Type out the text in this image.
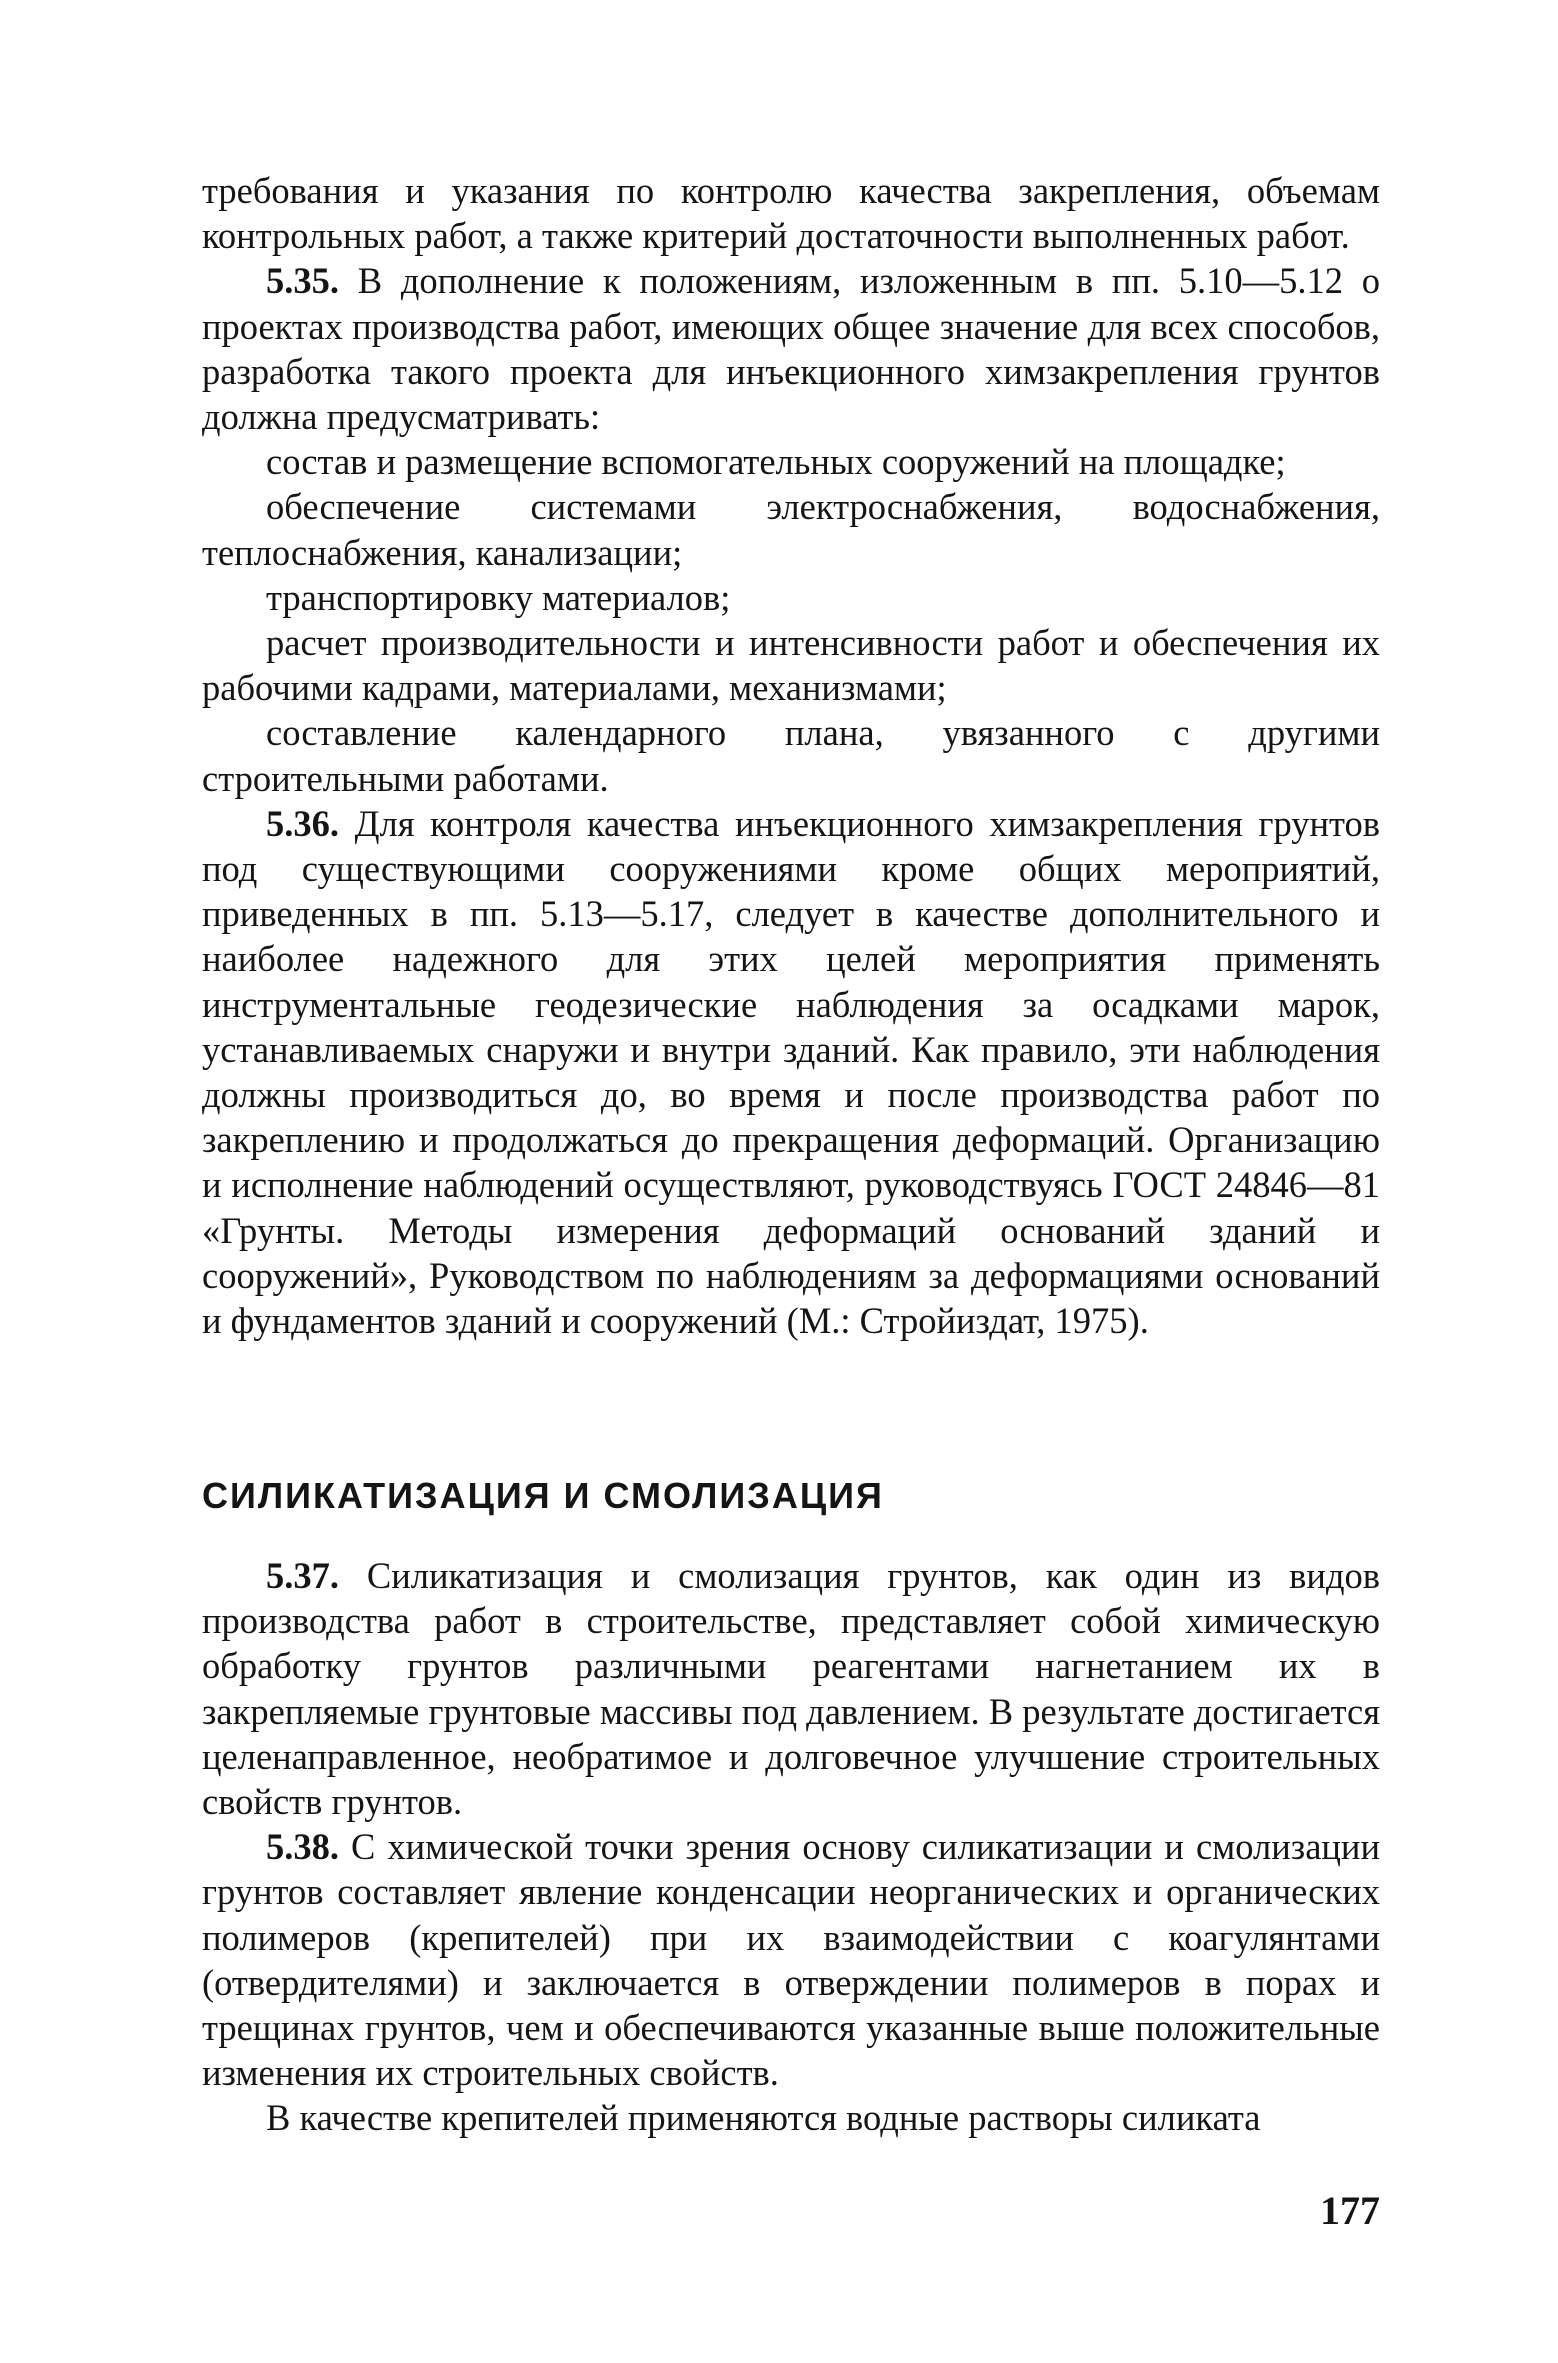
требования и указания по контролю качества закрепления, объемам контрольных работ, а также критерий достаточности выполненных работ.

5.35. В дополнение к положениям, изложенным в пп. 5.10—5.12 о проектах производства работ, имеющих общее значение для всех способов, разработка такого проекта для инъекционного химзакрепления грунтов должна предусматривать:

состав и размещение вспомогательных сооружений на площадке;

обеспечение системами электроснабжения, водоснабжения, теплоснабжения, канализации;

транспортировку материалов;

расчет производительности и интенсивности работ и обеспечения их рабочими кадрами, материалами, механизмами;

составление календарного плана, увязанного с другими строительными работами.

5.36. Для контроля качества инъекционного химзакрепления грунтов под существующими сооружениями кроме общих мероприятий, приведенных в пп. 5.13—5.17, следует в качестве дополнительного и наиболее надежного для этих целей мероприятия применять инструментальные геодезические наблюдения за осадками марок, устанавливаемых снаружи и внутри зданий. Как правило, эти наблюдения должны производиться до, во время и после производства работ по закреплению и продолжаться до прекращения деформаций. Организацию и исполнение наблюдений осуществляют, руководствуясь ГОСТ 24846—81 «Грунты. Методы измерения деформаций оснований зданий и сооружений», Руководством по наблюдениям за деформациями оснований и фундаментов зданий и сооружений (М.: Стройиздат, 1975).

СИЛИКАТИЗАЦИЯ И СМОЛИЗАЦИЯ

5.37. Силикатизация и смолизация грунтов, как один из видов производства работ в строительстве, представляет собой химическую обработку грунтов различными реагентами нагнетанием их в закрепляемые грунтовые массивы под давлением. В результате достигается целенаправленное, необратимое и долговечное улучшение строительных свойств грунтов.

5.38. С химической точки зрения основу силикатизации и смолизации грунтов составляет явление конденсации неорганических и органических полимеров (крепителей) при их взаимодействии с коагулянтами (отвердителями) и заключается в отверждении полимеров в порах и трещинах грунтов, чем и обеспечиваются указанные выше положительные изменения их строительных свойств.

В качестве крепителей применяются водные растворы силиката

177
